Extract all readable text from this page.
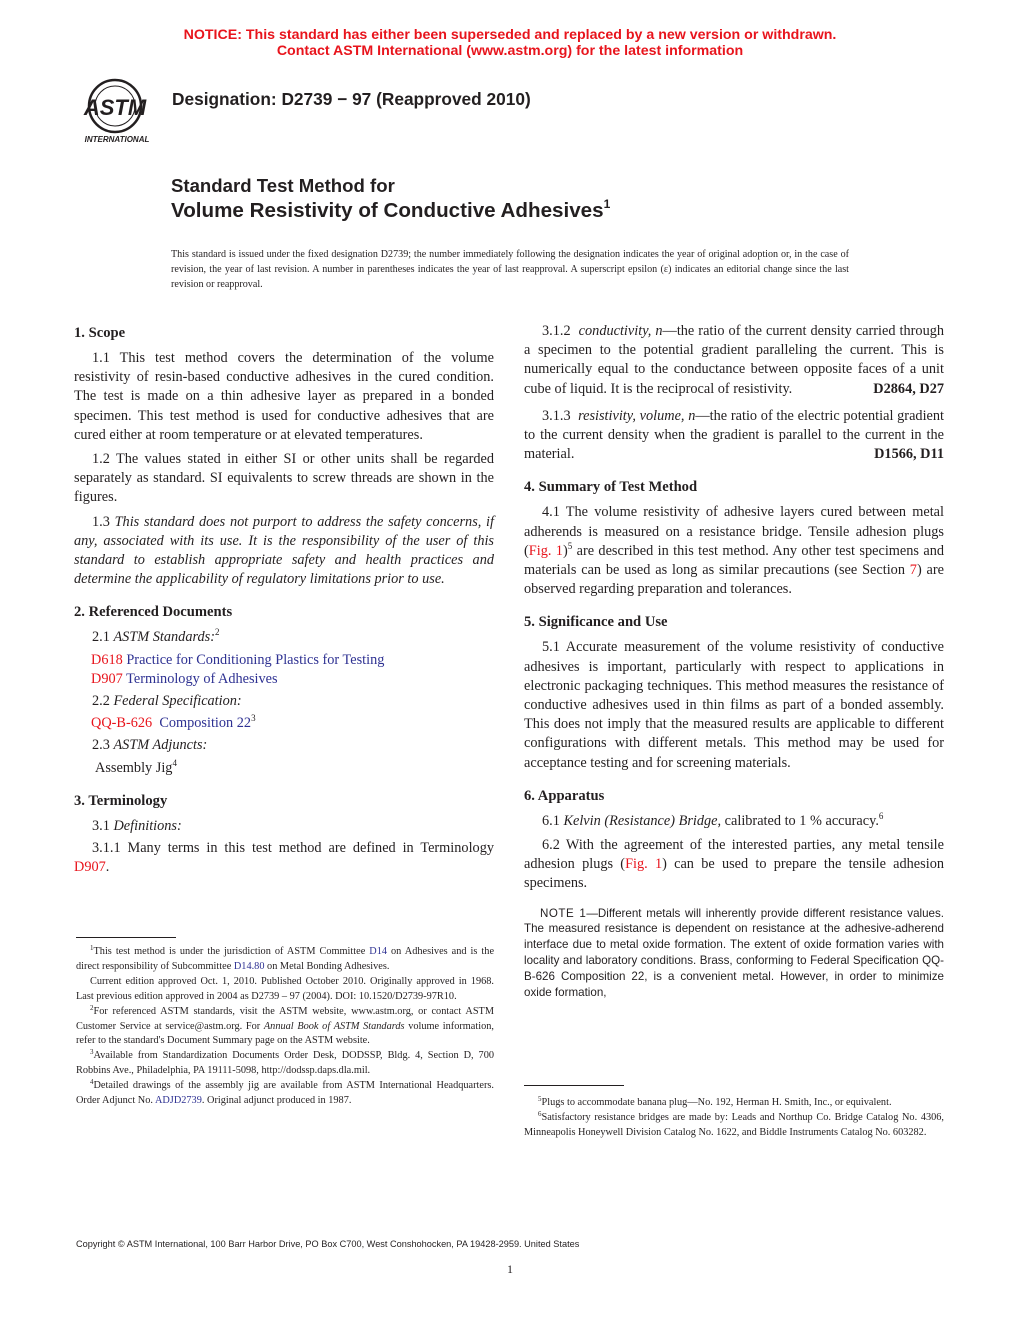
NOTICE: This standard has either been superseded and replaced by a new version or withdrawn.
Contact ASTM International (www.astm.org) for the latest information
ASTM
INTERNATIONAL
Designation: D2739 − 97 (Reapproved 2010)
Standard Test Method for
Volume Resistivity of Conductive Adhesives$^1$
This standard is issued under the fixed designation D2739; the number immediately following the designation indicates the year of original adoption or, in the case of revision, the year of last revision. A number in parentheses indicates the year of last reapproval. A superscript epsilon (ε) indicates an editorial change since the last revision or reapproval.
1. Scope

1.1 This test method covers the determination of the volume resistivity of resin-based conductive adhesives in the cured condition. The test is made on a thin adhesive layer as prepared in a bonded specimen. This test method is used for conductive adhesives that are cured either at room temperature or at elevated temperatures.

1.2 The values stated in either SI or other units shall be regarded separately as standard. SI equivalents to screw threads are shown in the figures.

1.3 This standard does not purport to address the safety concerns, if any, associated with its use. It is the responsibility of the user of this standard to establish appropriate safety and health practices and determine the applicability of regulatory limitations prior to use.

2. Referenced Documents

2.1 ASTM Standards:$^2$

D618 Practice for Conditioning Plastics for Testing
D907 Terminology of Adhesives

2.2 Federal Specification:

QQ-B-626 Composition $22^3$

2.3 ASTM Adjuncts:

Assembly Jig$^4$
3. Terminology

3.1 Definitions:

3.1.1 Many terms in this test method are defined in Terminology D907.

3.1.2 conductivity, n—the ratio of the current density carried through a specimen to the potential gradient paralleling the current. This is numerically equal to the conductance between opposite faces of a unit cube of liquid. It is the reciprocal of resistivity.	D2864, D27

3.1.3 resistivity, volume, n—the ratio of the electric potential gradient to the current density when the gradient is parallel to the current in the material.	D1566, D11

4. Summary of Test Method

4.1 The volume resistivity of adhesive layers cured between metal adherends is measured on a resistance bridge. Tensile adhesion plugs (Fig. 1)$^5$ are described in this test method. Any other test specimens and materials can be used as long as similar precautions (see Section 7) are observed regarding preparation and tolerances.

5. Significance and Use

5.1 Accurate measurement of the volume resistivity of conductive adhesives is important, particularly with respect to applications in electronic packaging techniques. This method measures the resistance of conductive adhesives used in thin films as part of a bonded assembly. This does not imply that the measured results are applicable to different configurations with different metals. This method may be used for acceptance testing and for screening materials.

6. Apparatus

6.1 Kelvin (Resistance) Bridge, calibrated to 1 % accuracy.$^6$

6.2 With the agreement of the interested parties, any metal tensile adhesion plugs (Fig. 1) can be used to prepare the tensile adhesion specimens.

NOTE 1—Different metals will inherently provide different resistance values. The measured resistance is dependent on resistance at the adhesive-adherend interface due to metal oxide formation. The extent of oxide formation varies with locality and laboratory conditions. Brass, conforming to Federal Specification QQ-B-626 Composition 22, is a convenient metal. However, in order to minimize oxide formation,

$^1$This test method is under the jurisdiction of ASTM Committee D14 on Adhesives and is the direct responsibility of Subcommittee D14.80 on Metal Bonding Adhesives.

Current edition approved Oct. 1, 2010. Published October 2010. Originally approved in 1968. Last previous edition approved in 2004 as D2739 – 97 (2004). DOI: 10.1520/D2739-97R10.

$^2$For referenced ASTM standards, visit the ASTM website, www.astm.org, or contact ASTM Customer Service at service@astm.org. For Annual Book of ASTM Standards volume information, refer to the standard's Document Summary page on the ASTM website.

$^3$Available from Standardization Documents Order Desk, DODSSP, Bldg. 4, Section D, 700 Robbins Ave., Philadelphia, PA 19111-5098, http://dodssp.daps.dla.mil.

$^4$Detailed drawings of the assembly jig are available from ASTM International Headquarters. Order Adjunct No. ADJD2739. Original adjunct produced in 1987.	$^5$Plugs to accommodate banana plug—No. 192, Herman H. Smith, Inc., or equivalent.

$^6$Satisfactory resistance bridges are made by: Leads and Northup Co. Bridge Catalog No. 4306, Minneapolis Honeywell Division Catalog No. 1622, and Biddle Instruments Catalog No. 603282.

Copyright © ASTM International, 100 Barr Harbor Drive, PO Box C700, West Conshohocken, PA 19428-2959. United States
1
